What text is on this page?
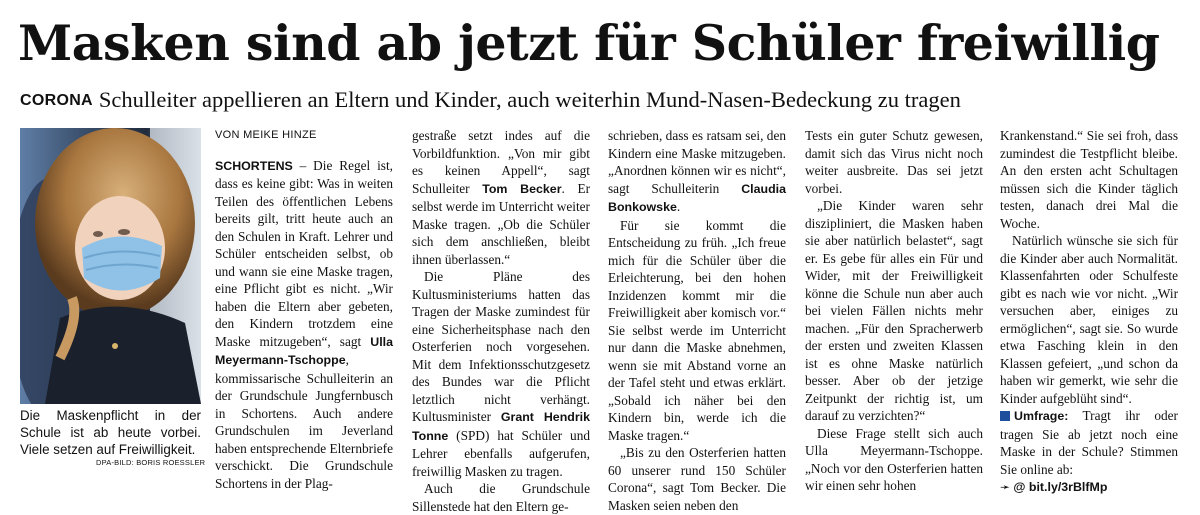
Masken sind ab jetzt für Schüler freiwillig
CORONA Schulleiter appellieren an Eltern und Kinder, auch weiterhin Mund-Nasen-Bedeckung zu tragen
Die Maskenpflicht in der Schule ist ab heute vorbei. Viele setzen auf Freiwilligkeit.
DPA-BILD: BORIS ROESSLER
VON MEIKE HINZE

SCHORTENS – Die Regel ist, dass es keine gibt: Was in weiten Teilen des öffentlichen Lebens bereits gilt, tritt heute auch an den Schulen in Kraft. Lehrer und Schüler entscheiden selbst, ob und wann sie eine Maske tragen, eine Pflicht gibt es nicht. „Wir haben die Eltern aber gebeten, den Kindern trotzdem eine Maske mitzugeben“, sagt Ulla Meyermann-Tschoppe, kommissarische Schulleiterin an der Grundschule Jungfernbusch in Schortens. Auch andere Grundschulen im Jeverland haben entsprechende Elternbriefe verschickt. Die Grundschule Schortens in der Plag-

gestraße setzt indes auf die Vorbildfunktion. „Von mir gibt es keinen Appell“, sagt Schulleiter Tom Becker. Er selbst werde im Unterricht weiter Maske tragen. „Ob die Schüler sich dem anschließen, bleibt ihnen überlassen.“

Die Pläne des Kultusministeriums hatten das Tragen der Maske zumindest für eine Sicherheitsphase nach den Osterferien noch vorgesehen. Mit dem Infektionsschutzgesetz des Bundes war die Pflicht letztlich nicht verhängt. Kultusminister Grant Hendrik Tonne (SPD) hat Schüler und Lehrer ebenfalls aufgerufen, freiwillig Masken zu tragen.

Auch die Grundschule Sillenstede hat den Eltern ge-

schrieben, dass es ratsam sei, den Kindern eine Maske mitzugeben. „Anordnen können wir es nicht“, sagt Schulleiterin Claudia Bonkowske.

Für sie kommt die Entscheidung zu früh. „Ich freue mich für die Schüler über die Erleichterung, bei den hohen Inzidenzen kommt mir die Freiwilligkeit aber komisch vor.“ Sie selbst werde im Unterricht nur dann die Maske abnehmen, wenn sie mit Abstand vorne an der Tafel steht und etwas erklärt. „Sobald ich näher bei den Kindern bin, werde ich die Maske tragen.“

„Bis zu den Osterferien hatten 60 unserer rund 150 Schüler Corona“, sagt Tom Becker. Die Masken seien neben den

Tests ein guter Schutz gewesen, damit sich das Virus nicht noch weiter ausbreite. Das sei jetzt vorbei.

„Die Kinder waren sehr diszipliniert, die Masken haben sie aber natürlich belastet“, sagt er. Es gebe für alles ein Für und Wider, mit der Freiwilligkeit könne die Schule nun aber auch bei vielen Fällen nichts mehr machen. „Für den Spracherwerb der ersten und zweiten Klassen ist es ohne Maske natürlich besser. Aber ob der jetzige Zeitpunkt der richtig ist, um darauf zu verzichten?“

Diese Frage stellt sich auch Ulla Meyermann-Tschoppe. „Noch vor den Osterferien hatten wir einen sehr hohen

Krankenstand.“ Sie sei froh, dass zumindest die Testpflicht bleibe. An den ersten acht Schultagen müssen sich die Kinder täglich testen, danach drei Mal die Woche.

Natürlich wünsche sie sich für die Kinder aber auch Normalität. Klassenfahrten oder Schulfeste gibt es nach wie vor nicht. „Wir versuchen aber, einiges zu ermöglichen“, sagt sie. So wurde etwa Fasching klein in den Klassen gefeiert, „und schon da haben wir gemerkt, wie sehr die Kinder aufgeblüht sind“.

Umfrage: Tragt ihr oder tragen Sie ab jetzt noch eine Maske in der Schule? Stimmen Sie online ab:

➛ @ bit.ly/3rBlfMp
